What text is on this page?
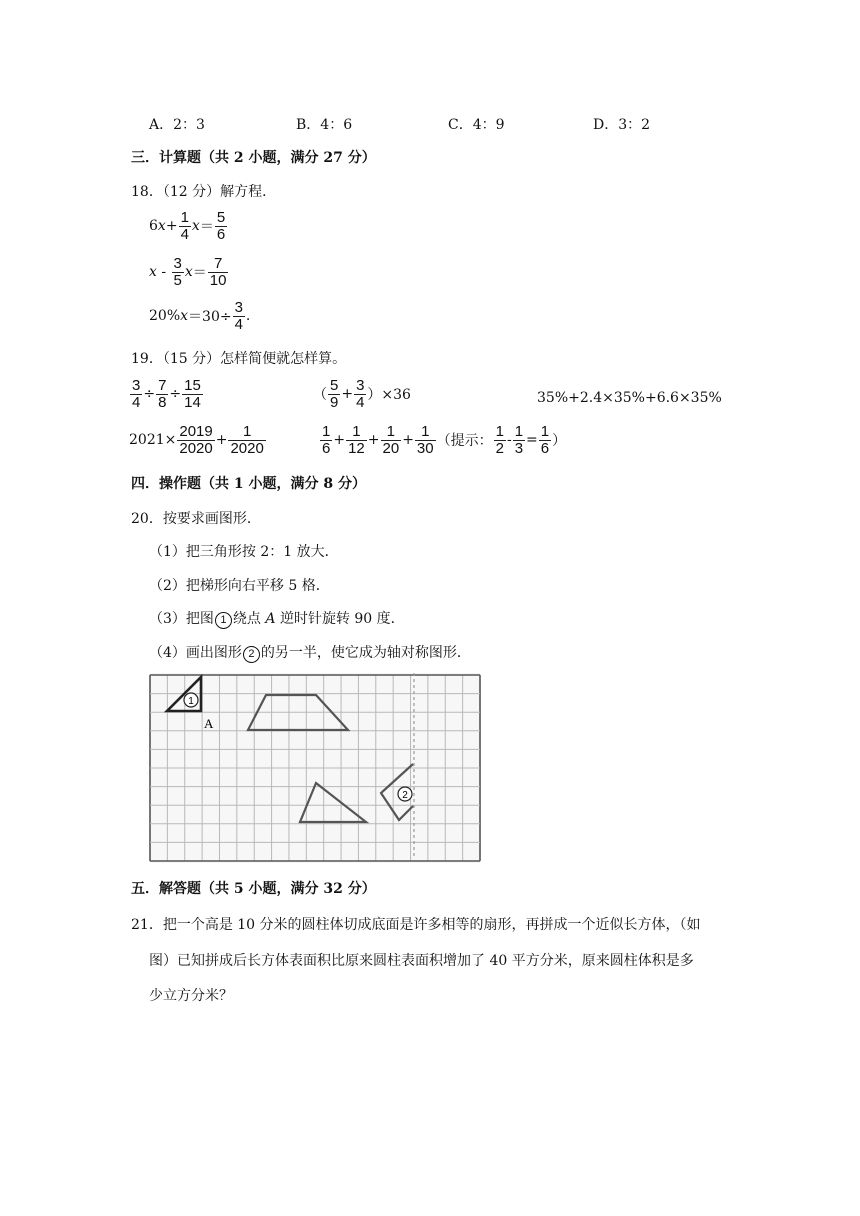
A．2：3	B．4：6	C．4：9	D．3：2
三．计算题（共 2 小题，满分 27 分）
18．（12 分）解方程．
6 $x + \frac{1}{4}$ $x = \frac{5}{6}$
x - $\frac{3}{5}$ $x = \frac{7}{10}$
20% $x =30\div \frac{3}{4}$ .
19．（15 分）怎样简便就怎样算。
$\frac{3}{4} \div \frac{7}{8} \div \frac{15}{14}$	（ $\frac{5}{9} + \frac{3}{4} )\times 36$	35%+2.4×35%+6.6×35%
$2021\times \frac{2019}{2020} + \frac{1}{2020}$	$\frac{1}{6} + \frac{1}{12} + \frac{1}{20} + \frac{1}{30}$ （提示： $\frac{1}{2} - \frac{1}{3} = \frac{1}{6}$ ）
四．操作题（共 1 小题，满分 8 分）
20．按要求画图形．
（1）把三角形按 2：1 放大．
（2）把梯形向右平移 5 格．
（3）把图 1 绕点 A 逆时针旋转 90 度．
（4）画出图形 2 的另一半，使它成为轴对称图形．
1
A
2
五．解答题（共 5 小题，满分 32 分）
21．把一个高是 10 分米的圆柱体切成底面是许多相等的扇形，再拼成一个近似长方体，（如
图）已知拼成后长方体表面积比原来圆柱表面积增加了 40 平方分米，原来圆柱体积是多
少立方分米？
